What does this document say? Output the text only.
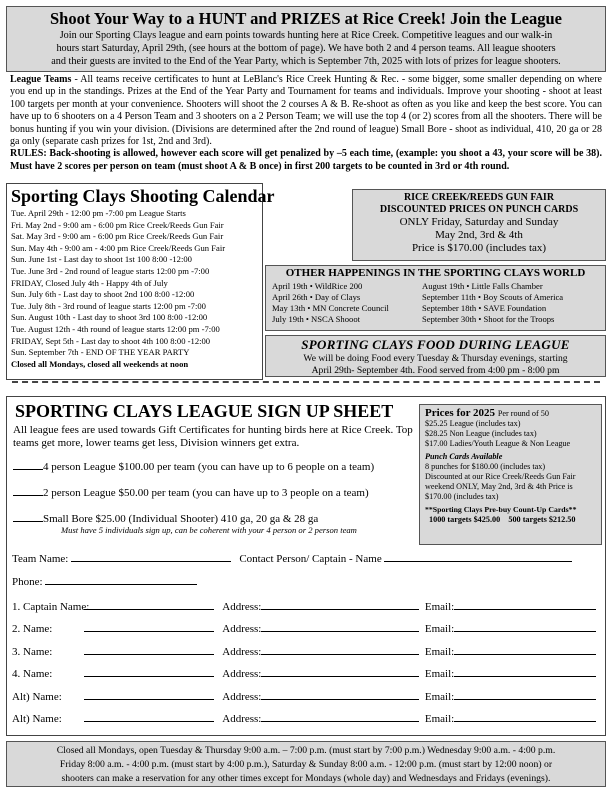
Shoot Your Way to a HUNT and PRIZES at Rice Creek! Join the League
Join our Sporting Clays league and earn points towards hunting here at Rice Creek. Competitive leagues and our walk-in
hours start Saturday, April 29th, (see hours at the bottom of page). We have both 2 and 4 person teams. All league shooters
and their guests are invited to the End of the Year Party, which is September 7th, 2025 with lots of prizes for league shooters.
League Teams - All teams receive certificates to hunt at LeBlanc's Rice Creek Hunting & Rec. - some bigger, some smaller depending on where you end up in the standings. Prizes at the End of the Year Party and Tournament for teams and individuals. Improve your shooting - shoot at least 100 targets per month at your convenience. Shooters will shoot the 2 courses A & B. Re-shoot as often as you like and keep the best score. You can have up to 6 shooters on a 4 Person Team and 3 shooters on a 2 Person Team; we will use the top 4 (or 2) scores from all the shooters. There will be bonus hunting if you win your division. (Divisions are determined after the 2nd round of league) Small Bore - shoot as individual, 410, 20 ga or 28 ga only (separate cash prizes for 1st, 2nd and 3rd).
RULES: Back-shooting is allowed, however each score will get penalized by –5 each time, (example: you shoot a 43, your score will be 38). Must have 2 scores per person on team (must shoot A & B once) in first 200 targets to be counted in 3rd or 4th round.
Sporting Clays Shooting Calendar
Tue. April 29th - 12:00 pm -7:00 pm League Starts
Fri. May 2nd - 9:00 am - 6:00 pm Rice Creek/Reeds Gun Fair
Sat. May 3rd - 9:00 am - 6:00 pm Rice Creek/Reeds Gun Fair
Sun. May 4th - 9:00 am - 4:00 pm Rice Creek/Reeds Gun Fair
Sun. June 1st - Last day to shoot 1st 100 8:00 -12:00
Tue. June 3rd - 2nd round of league starts 12:00 pm -7:00
FRIDAY, Closed July 4th - Happy 4th of July
Sun. July 6th - Last day to shoot 2nd 100 8:00 -12:00
Tue. July 8th - 3rd round of league starts 12:00 pm -7:00
Sun. August 10th - Last day to shoot 3rd 100 8:00 -12:00
Tue. August 12th - 4th round of league starts 12:00 pm -7:00
FRIDAY, Sept 5th - Last day to shoot 4th 100 8:00 -12:00
Sun. September 7th - END OF THE YEAR PARTY
Closed all Mondays, closed all weekends at noon
RICE CREEK/REEDS GUN FAIR
DISCOUNTED PRICES ON PUNCH CARDS
ONLY Friday, Saturday and Sunday
May 2nd, 3rd & 4th
Price is $170.00 (includes tax)
OTHER HAPPENINGS IN THE SPORTING CLAYS WORLD
April 19th • WildRice 200	August 19th • Little Falls Chamber
April 26th • Day of Clays	September 11th • Boy Scouts of America
May 13th • MN Concrete Council	September 18th • SAVE Foundation
July 19th • NSCA Shooot	September 30th • Shoot for the Troops
SPORTING CLAYS FOOD DURING LEAGUE
We will be doing Food every Tuesday & Thursday evenings, starting
April 29th- September 4th. Food served from 4:00 pm - 8:00 pm
SPORTING CLAYS LEAGUE SIGN UP SHEET
All league fees are used towards Gift Certificates for hunting birds here at Rice Creek. Top teams get more, lower teams get less, Division winners get extra.
4 person League $100.00 per team (you can have up to 6 people on a team)
2 person League $50.00 per team (you can have up to 3 people on a team)
Small Bore $25.00 (Individual Shooter) 410 ga, 20 ga & 28 ga
Must have 5 individuals sign up, can be coherent with your 4 person or 2 person team
Prices for 2025 Per round of 50
$25.25 League (includes tax)
$28.25 Non League (includes tax)
$17.00 Ladies/Youth League & Non League
Punch Cards Available
8 punches for $180.00 (includes tax)
Discounted at our Rice Creek/Reeds Gun Fair weekend ONLY, May 2nd, 3rd & 4th Price is $170.00 (includes tax)
**Sporting Clays Pre-buy Count-Up Cards**
1000 targets $425.00    500 targets $212.50
Team Name:	Contact Person/ Captain - Name
Phone:
1. Captain Name:	Address:	Email:
2. Name:	Address:	Email:
3. Name:	Address:	Email:
4. Name:	Address:	Email:
Alt) Name:	Address:	Email:
Alt) Name:	Address:	Email:
Closed all Mondays, open Tuesday & Thursday 9:00 a.m. – 7:00 p.m. (must start by 7:00 p.m.) Wednesday 9:00 a.m. - 4:00 p.m.
Friday 8:00 a.m. - 4:00 p.m. (must start by 4:00 p.m.), Saturday & Sunday 8:00 a.m. - 12:00 p.m. (must start by 12:00 noon) or
shooters can make a reservation for any other times except for Mondays (whole day) and Wednesdays and Fridays (evenings).
